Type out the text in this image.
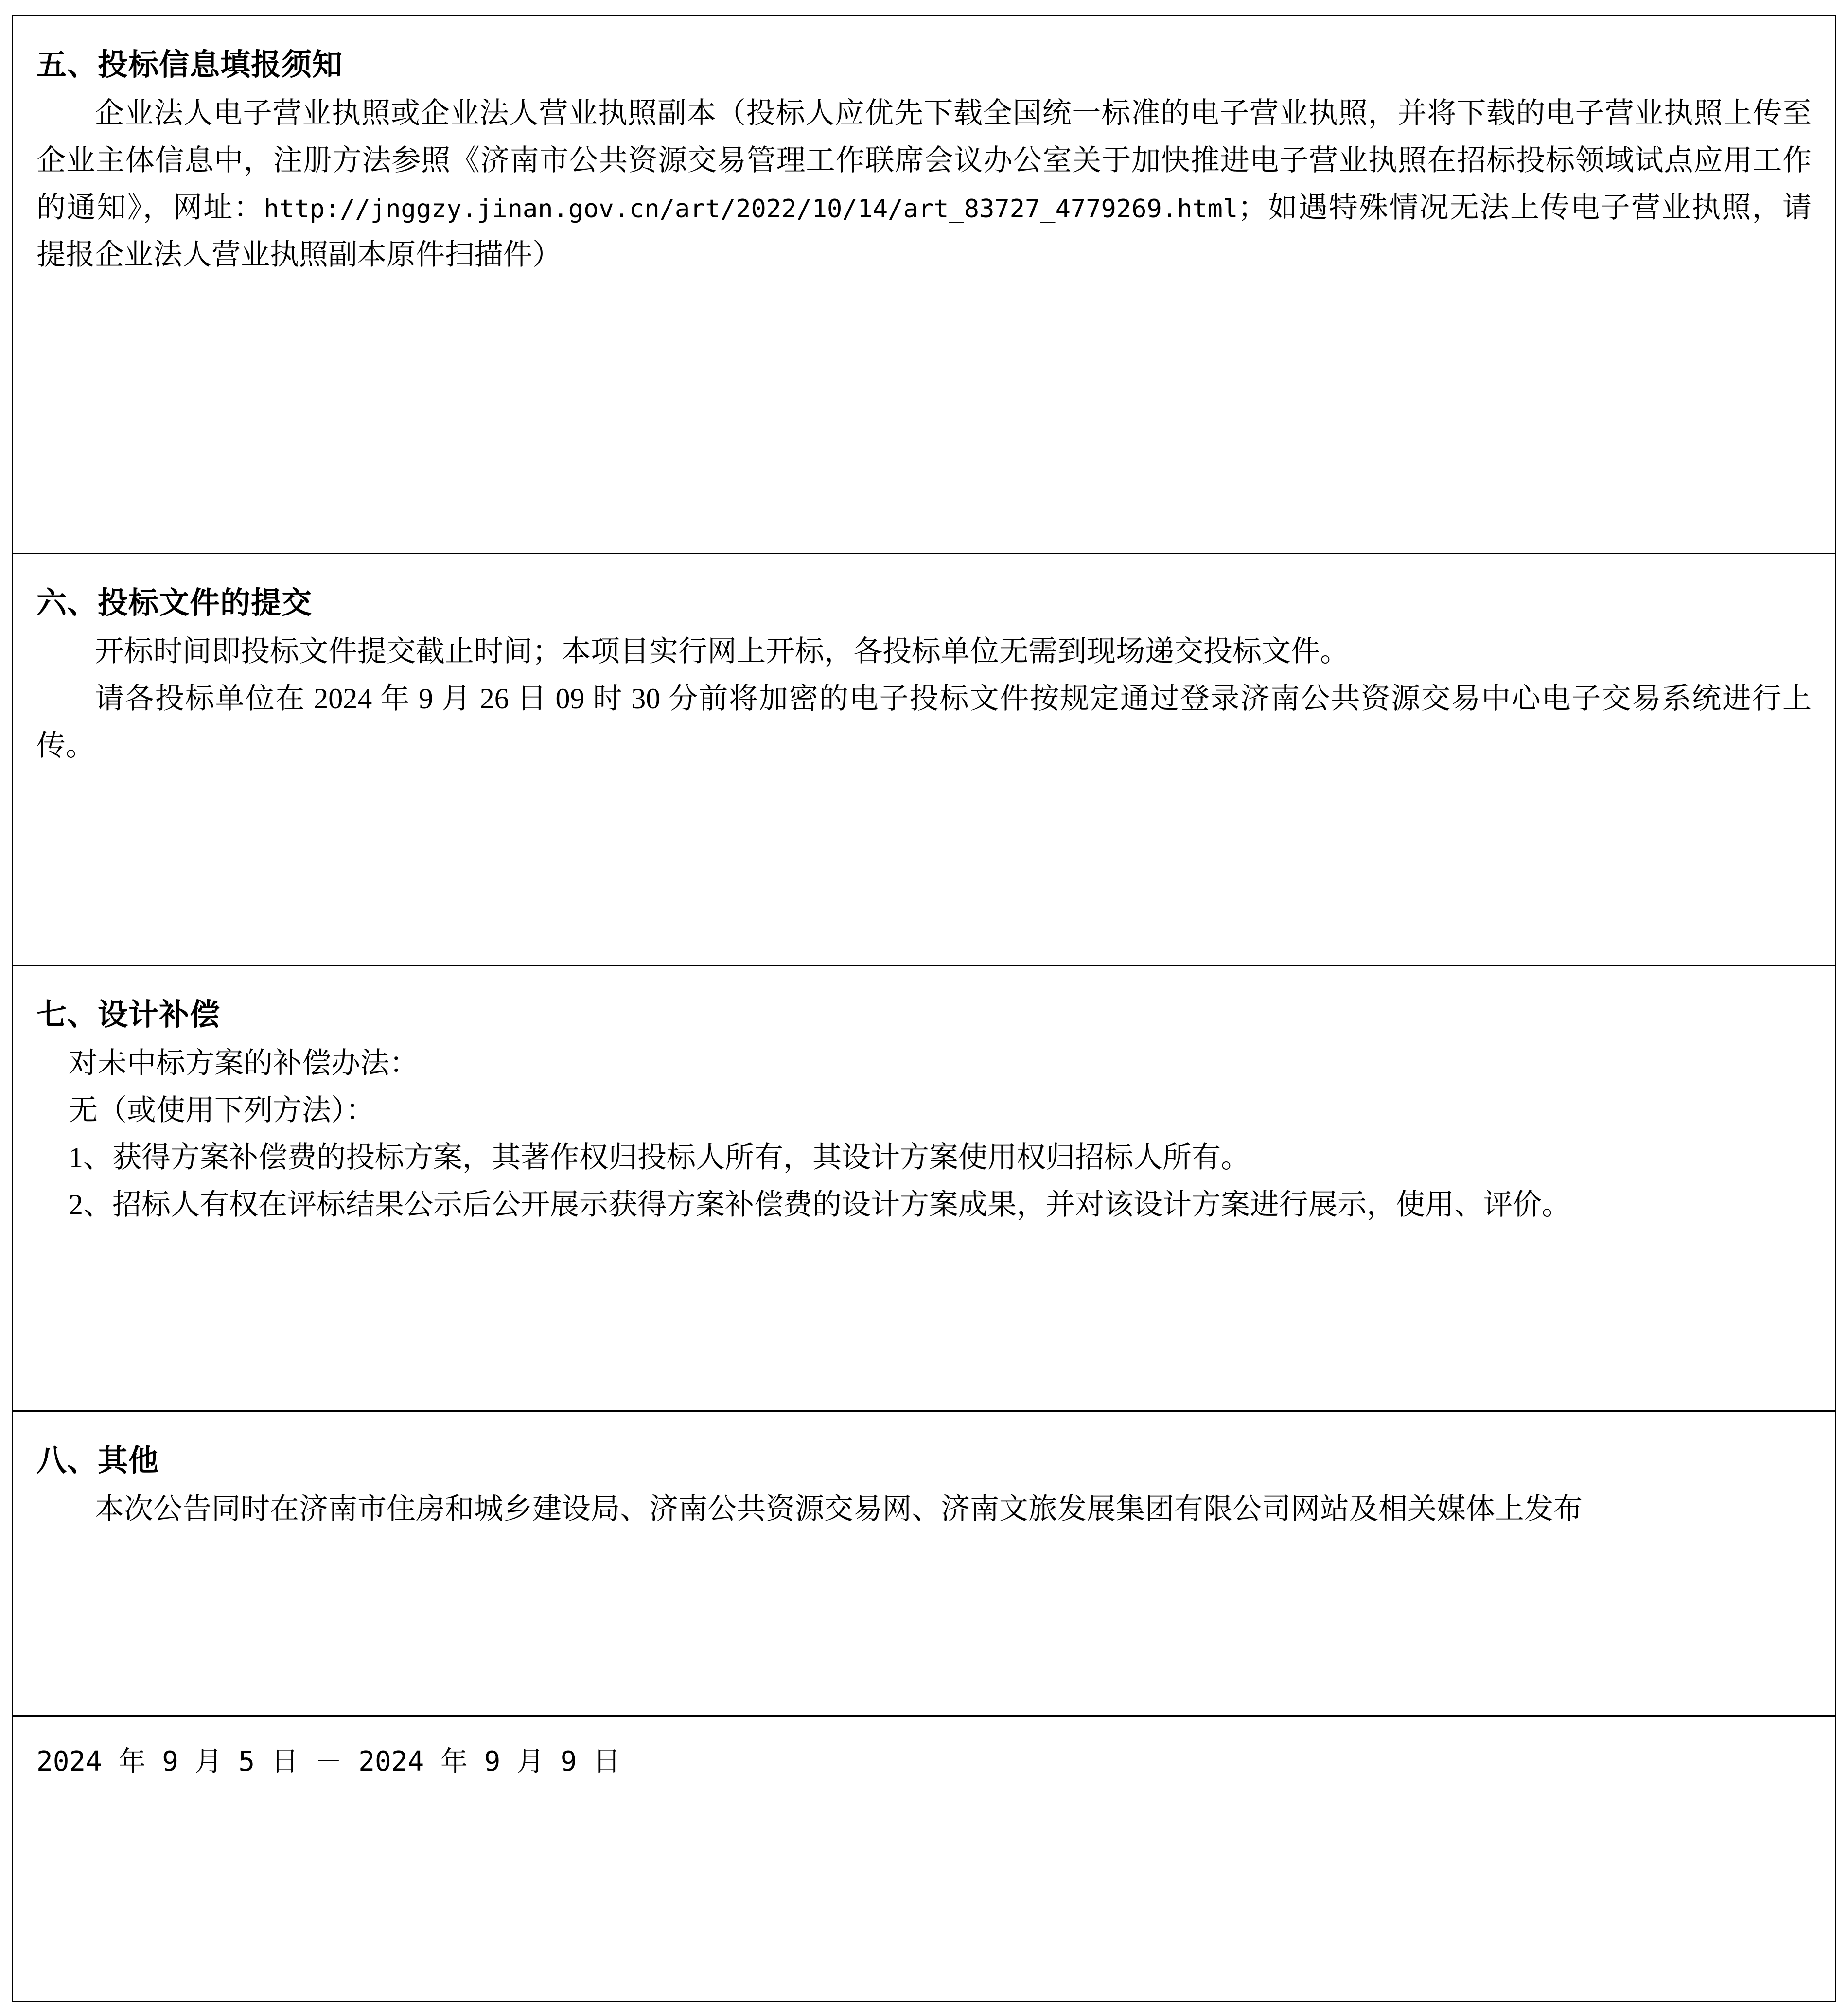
五、投标信息填报须知

企业法人电子营业执照或企业法人营业执照副本（投标人应优先下载全国统一标准的电子营业执照，并将下载的电子营业执照上传至企业主体信息中，注册方法参照《济南市公共资源交易管理工作联席会议办公室关于加快推进电子营业执照在招标投标领域试点应用工作的通知》，网址：http://jnggzy.jinan.gov.cn/art/2022/10/14/art_83727_4779269.html；如遇特殊情况无法上传电子营业执照，请提报企业法人营业执照副本原件扫描件）

六、投标文件的提交

开标时间即投标文件提交截止时间；本项目实行网上开标，各投标单位无需到现场递交投标文件。

请各投标单位在 2024 年 9 月 26 日 09 时 30 分前将加密的电子投标文件按规定通过登录济南公共资源交易中心电子交易系统进行上传。

七、设计补偿

对未中标方案的补偿办法：

无（或使用下列方法）：

1、获得方案补偿费的投标方案，其著作权归投标人所有，其设计方案使用权归招标人所有。

2、招标人有权在评标结果公示后公开展示获得方案补偿费的设计方案成果，并对该设计方案进行展示，使用、评价。

八、其他

本次公告同时在济南市住房和城乡建设局、济南公共资源交易网、济南文旅发展集团有限公司网站及相关媒体上发布

2024 年 9 月 5 日 － 2024 年 9 月 9 日
